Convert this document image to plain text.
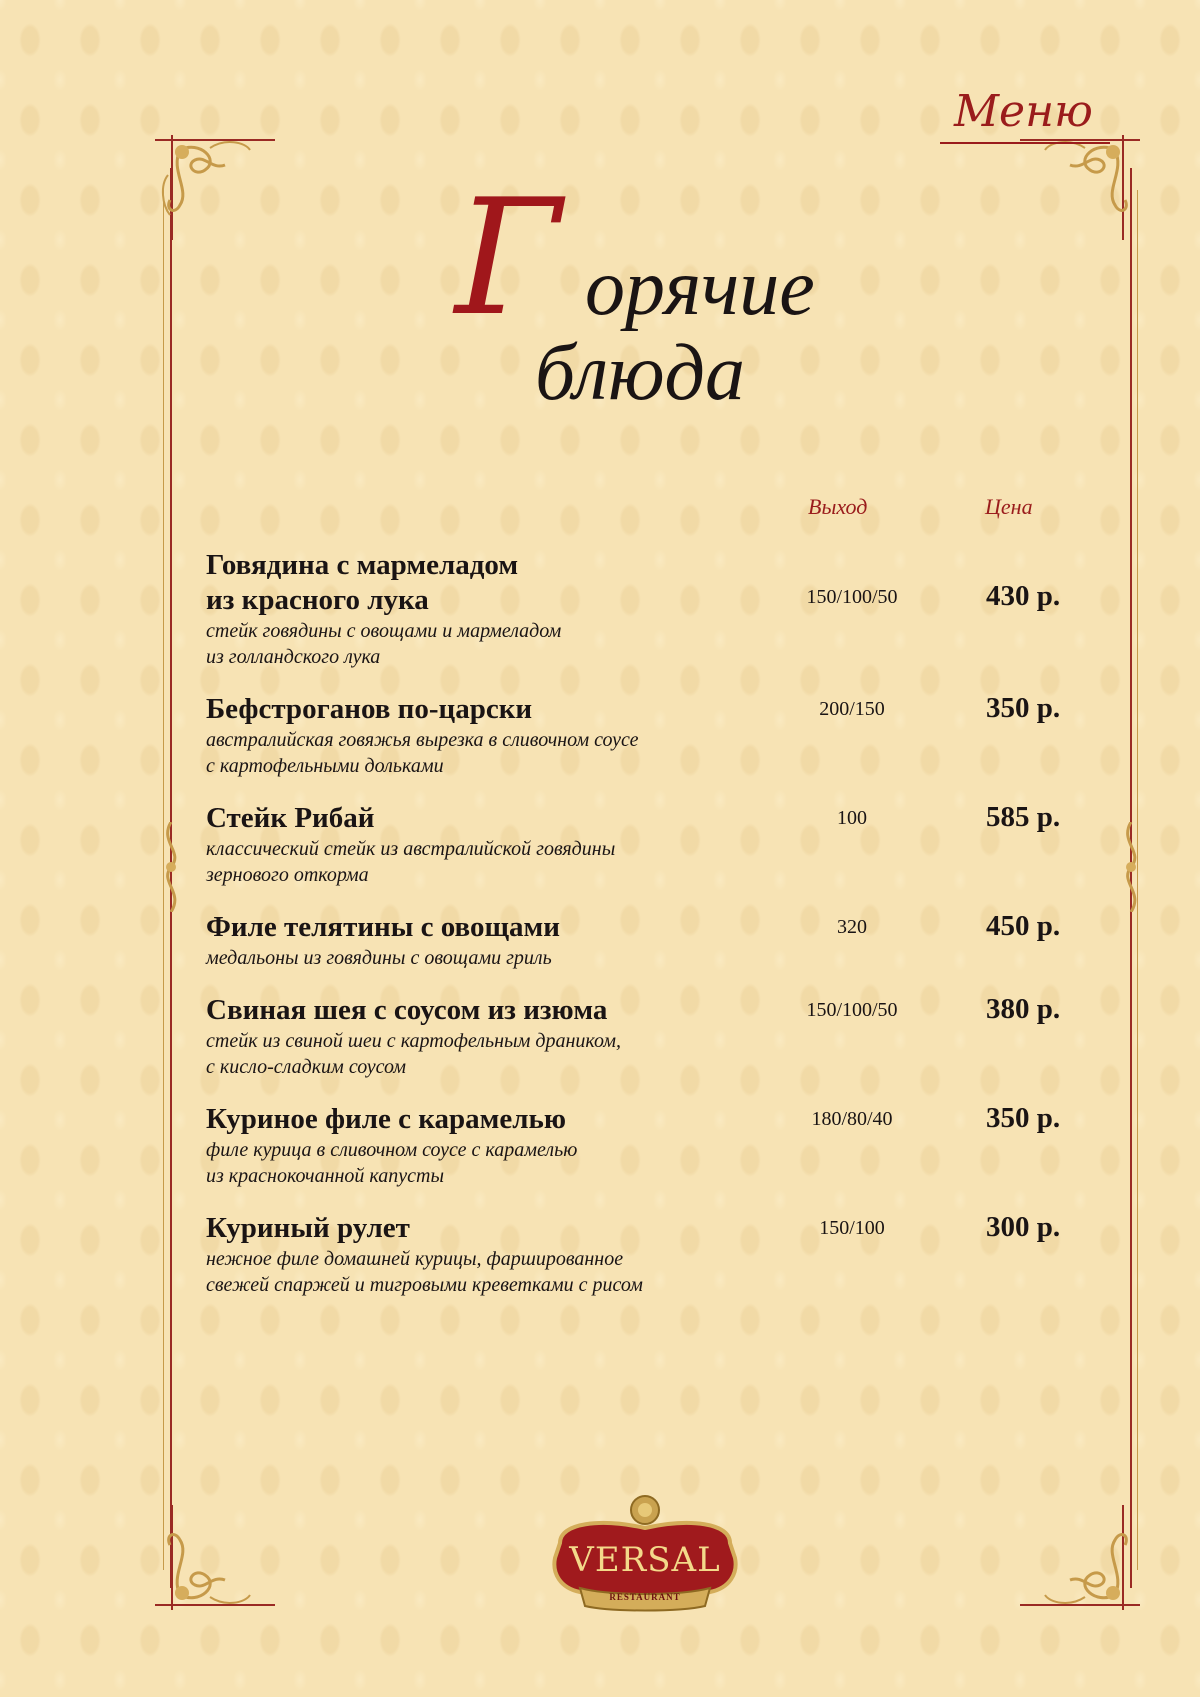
Меню
Г орячие
блюда
Выход	Цена
Говядина с мармеладом
из красного лука
стейк говядины с овощами и мармеладом
из голландского лука
150/100/50	430 р.
Бефстроганов по-царски
австралийская говяжья вырезка в сливочном соусе
с картофельными дольками
200/150	350 р.
Стейк Рибай
классический стейк из австралийской говядины
зернового откорма
100	585 р.
Филе телятины с овощами
медальоны из говядины с овощами гриль
320	450 р.
Свиная шея с соусом из изюма
стейк из свиной шеи с картофельным драником,
с кисло-сладким соусом
150/100/50	380 р.
Куриное филе с карамелью
филе курица в сливочном соусе с карамелью
из краснокочанной капусты
180/80/40	350 р.
Куриный рулет
нежное филе домашней курицы, фаршированное
свежей спаржей и тигровыми креветками с рисом
150/100	300 р.
VERSAL
RESTAURANT
